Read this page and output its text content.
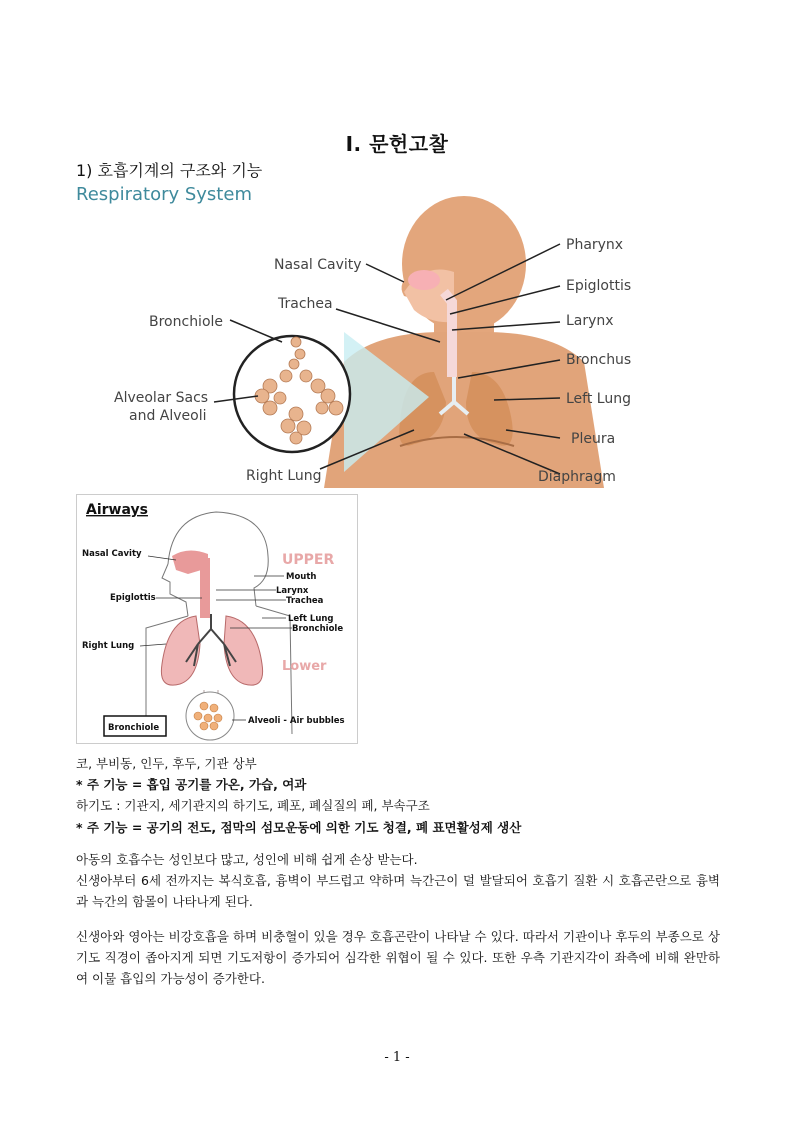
Ⅰ. 문헌고찰
1) 호흡기계의 구조와 기능
Respiratory System
Nasal Cavity
Trachea
Bronchiole
Alveolar Sacs
and Alveoli
Right Lung
Pharynx
Epiglottis
Larynx
Bronchus
Left Lung
Pleura
Diaphragm
Airways
Nasal Cavity
Epiglottis
Right Lung
Bronchiole
Mouth
Larynx
Trachea
Left Lung
Bronchiole
Alveoli - Air bubbles
UPPER
Lower
코, 부비동, 인두, 후두, 기관 상부
* 주 기능 = 흡입 공기를 가온, 가습, 여과
하기도 : 기관지, 세기관지의 하기도, 폐포, 폐실질의 폐, 부속구조
* 주 기능 = 공기의 전도, 점막의 섬모운동에 의한 기도 청결, 폐 표면활성제 생산
아동의 호흡수는 성인보다 많고, 성인에 비해 쉽게 손상 받는다.
신생아부터 6세 전까지는 복식호흡, 흉벽이 부드럽고 약하며 늑간근이 덜 발달되어 호흡기 질환 시 호흡곤란으로 흉벽과 늑간의 함몰이 나타나게 된다.
신생아와 영아는 비강호흡을 하며 비충혈이 있을 경우 호흡곤란이 나타날 수 있다. 따라서 기관이나 후두의 부종으로 상기도 직경이 좁아지게 되면 기도저항이 증가되어 심각한 위협이 될 수 있다. 또한 우측 기관지각이 좌측에 비해 완만하여 이물 흡입의 가능성이 증가한다.
- 1 -
